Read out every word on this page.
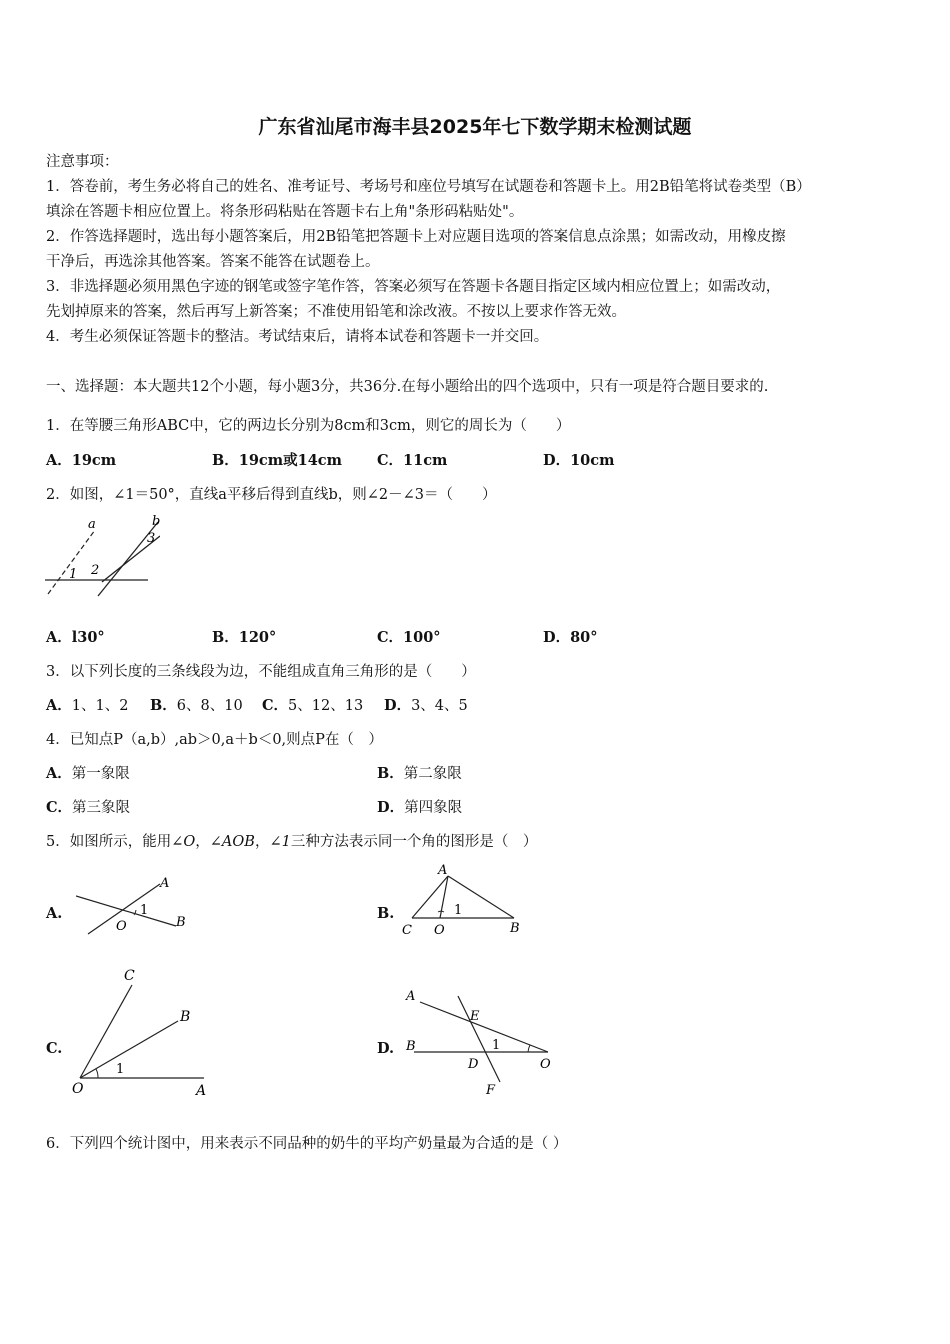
广东省汕尾市海丰县2025年七下数学期末检测试题
注意事项：
1．答卷前，考生务必将自己的姓名、准考证号、考场号和座位号填写在试题卷和答题卡上。用2B铅笔将试卷类型（B）
填涂在答题卡相应位置上。将条形码粘贴在答题卡右上角"条形码粘贴处"。
2．作答选择题时，选出每小题答案后，用2B铅笔把答题卡上对应题目选项的答案信息点涂黑；如需改动，用橡皮擦
干净后，再选涂其他答案。答案不能答在试题卷上。
3．非选择题必须用黑色字迹的钢笔或签字笔作答，答案必须写在答题卡各题目指定区域内相应位置上；如需改动，
先划掉原来的答案，然后再写上新答案；不准使用铅笔和涂改液。不按以上要求作答无效。
4．考生必须保证答题卡的整洁。考试结束后，请将本试卷和答题卡一并交回。
一、选择题：本大题共12个小题，每小题3分，共36分.在每小题给出的四个选项中，只有一项是符合题目要求的.
1．在等腰三角形ABC中，它的两边长分别为8cm和3cm，则它的周长为（　　）
A．19cm	B．19cm或14cm C．11cm	D．10cm
2．如图，∠1＝50°，直线a平移后得到直线b，则∠2－∠3＝（　　）
a	b
1 2
3
A．l30°	B．120°	C．100°	D．80°
3．以下列长度的三条线段为边，不能组成直角三角形的是（　　）
A．1、1、2 B．6、8、10 C．5、12、13 D．3、4、5
4．已知点P（a,b）,ab＞0,a＋b＜0,则点P在（　）
A．第一象限	B．第二象限
C．第三象限	D．第四象限
5．如图所示，能用∠O，∠AOB，∠1三种方法表示同一个角的图形是（　）
A.
A
1
O	B
B.
A
1
C O	B
C.
C
B
1
O	A
D.
A
E
B	1
D	O
F
6．下列四个统计图中，用来表示不同品种的奶牛的平均产奶量最为合适的是（ ）
